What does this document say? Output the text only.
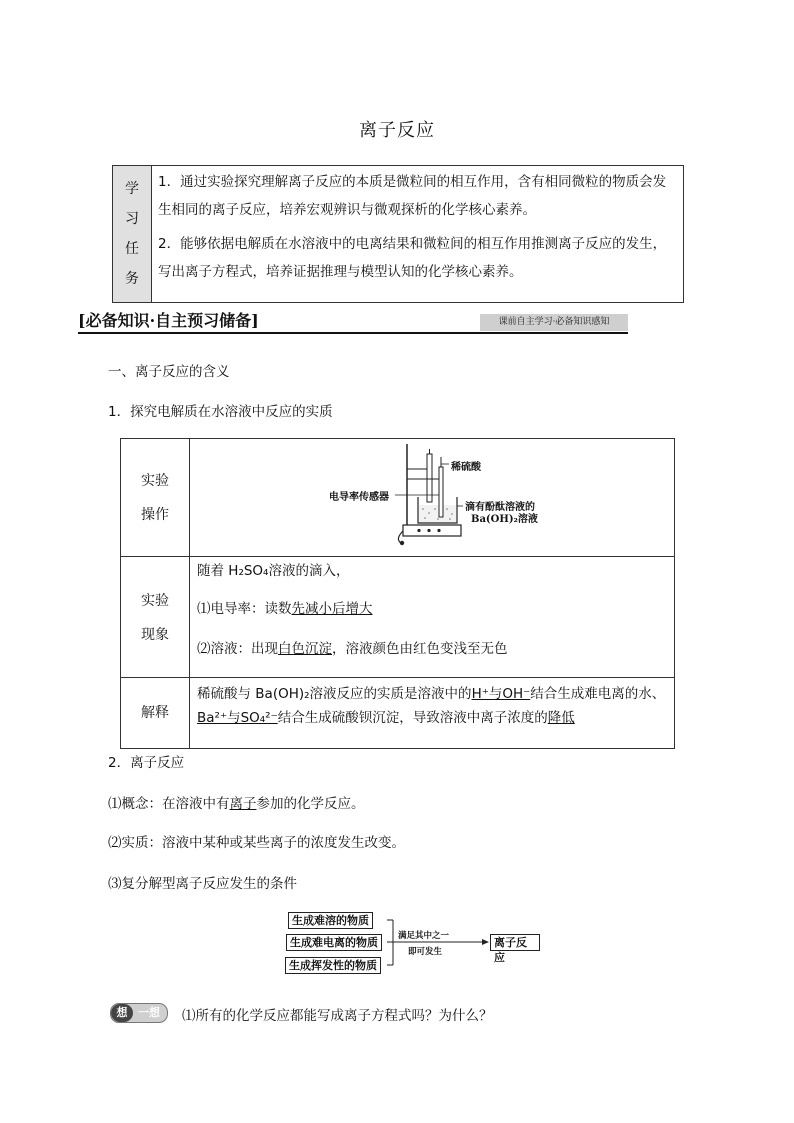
离子反应
学
习
任
务

1．通过实验探究理解离子反应的本质是微粒间的相互作用，含有相同微粒的物质会发生相同的离子反应，培养宏观辨识与微观探析的化学核心素养。

2．能够依据电解质在水溶液中的电离结果和微粒间的相互作用推测离子反应的发生，写出离子方程式，培养证据推理与模型认知的化学核心素养。

[必备知识·自主预习储备]	课前自主学习·必备知识感知
一、离子反应的含义
1．探究电解质在水溶液中反应的实质
实验
操作
稀硫酸
电导率传感器
滴有酚酞溶液的
Ba(OH)₂溶液
实验
现象
随着 H₂SO₄溶液的滴入，
⑴电导率：读数先减小后增大
⑵溶液：出现白色沉淀，溶液颜色由红色变浅至无色
解释
稀硫酸与 Ba(OH)₂溶液反应的实质是溶液中的H⁺与OH⁻结合生成难电离的水、
Ba²⁺与SO₄²⁻结合生成硫酸钡沉淀，导致溶液中离子浓度的降低
2．离子反应
⑴概念：在溶液中有离子参加的化学反应。
⑵实质：溶液中某种或某些离子的浓度发生改变。
⑶复分解型离子反应发生的条件
生成难溶的物质
生成难电离的物质
生成挥发性的物质
满足其中之一
即可发生
离子反应
想 一想	⑴所有的化学反应都能写成离子方程式吗？为什么？
